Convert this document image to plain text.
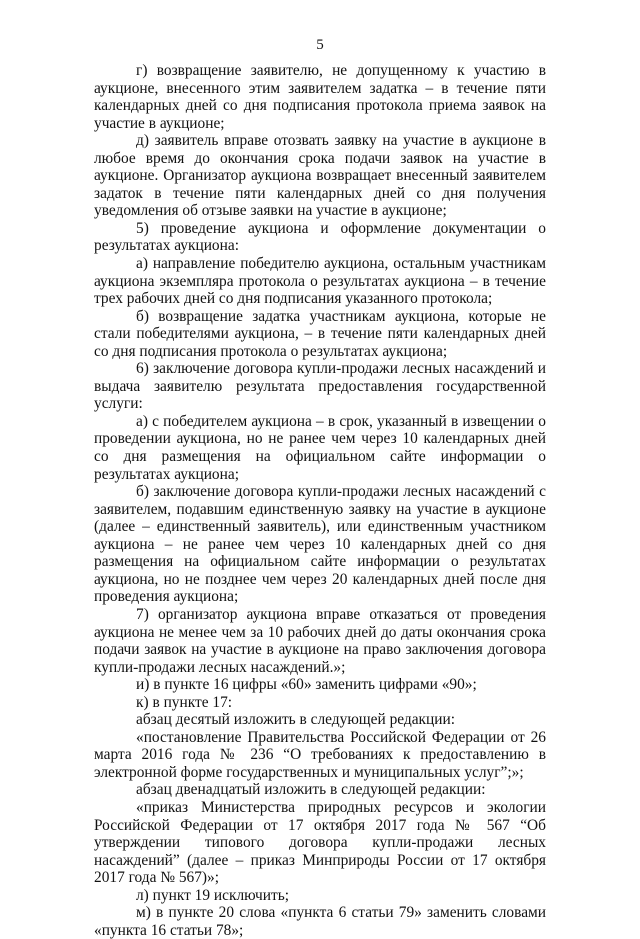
5

г) возвращение заявителю, не допущенному к участию в аукционе, внесенного этим заявителем задатка – в течение пяти календарных дней со дня подписания протокола приема заявок на участие в аукционе;

д) заявитель вправе отозвать заявку на участие в аукционе в любое время до окончания срока подачи заявок на участие в аукционе. Организатор аукциона возвращает внесенный заявителем задаток в течение пяти календарных дней со дня получения уведомления об отзыве заявки на участие в аукционе;

5) проведение аукциона и оформление документации о результатах аукциона:

а) направление победителю аукциона, остальным участникам аукциона экземпляра протокола о результатах аукциона – в течение трех рабочих дней со дня подписания указанного протокола;

б) возвращение задатка участникам аукциона, которые не стали победителями аукциона, – в течение пяти календарных дней со дня подписания протокола о результатах аукциона;

6) заключение договора купли-продажи лесных насаждений и выдача заявителю результата предоставления государственной услуги:

а) с победителем аукциона – в срок, указанный в извещении о проведении аукциона, но не ранее чем через 10 календарных дней со дня размещения на официальном сайте информации о результатах аукциона;

б) заключение договора купли-продажи лесных насаждений с заявителем, подавшим единственную заявку на участие в аукционе (далее – единственный заявитель), или единственным участником аукциона – не ранее чем через 10 календарных дней со дня размещения на официальном сайте информации о результатах аукциона, но не позднее чем через 20 календарных дней после дня проведения аукциона;

7) организатор аукциона вправе отказаться от проведения аукциона не менее чем за 10 рабочих дней до даты окончания срока подачи заявок на участие в аукционе на право заключения договора купли-продажи лесных насаждений.»;

и) в пункте 16 цифры «60» заменить цифрами «90»;

к) в пункте 17:

абзац десятый изложить в следующей редакции:

«постановление Правительства Российской Федерации от 26 марта 2016 года № 236 “О требованиях к предоставлению в электронной форме государственных и муниципальных услуг”;»;

абзац двенадцатый изложить в следующей редакции:

«приказ Министерства природных ресурсов и экологии Российской Федерации от 17 октября 2017 года № 567 “Об утверждении типового договора купли-продажи лесных насаждений” (далее – приказ Минприроды России от 17 октября 2017 года № 567)»;

л) пункт 19 исключить;

м) в пункте 20 слова «пункта 6 статьи 79» заменить словами «пункта 16 статьи 78»;
